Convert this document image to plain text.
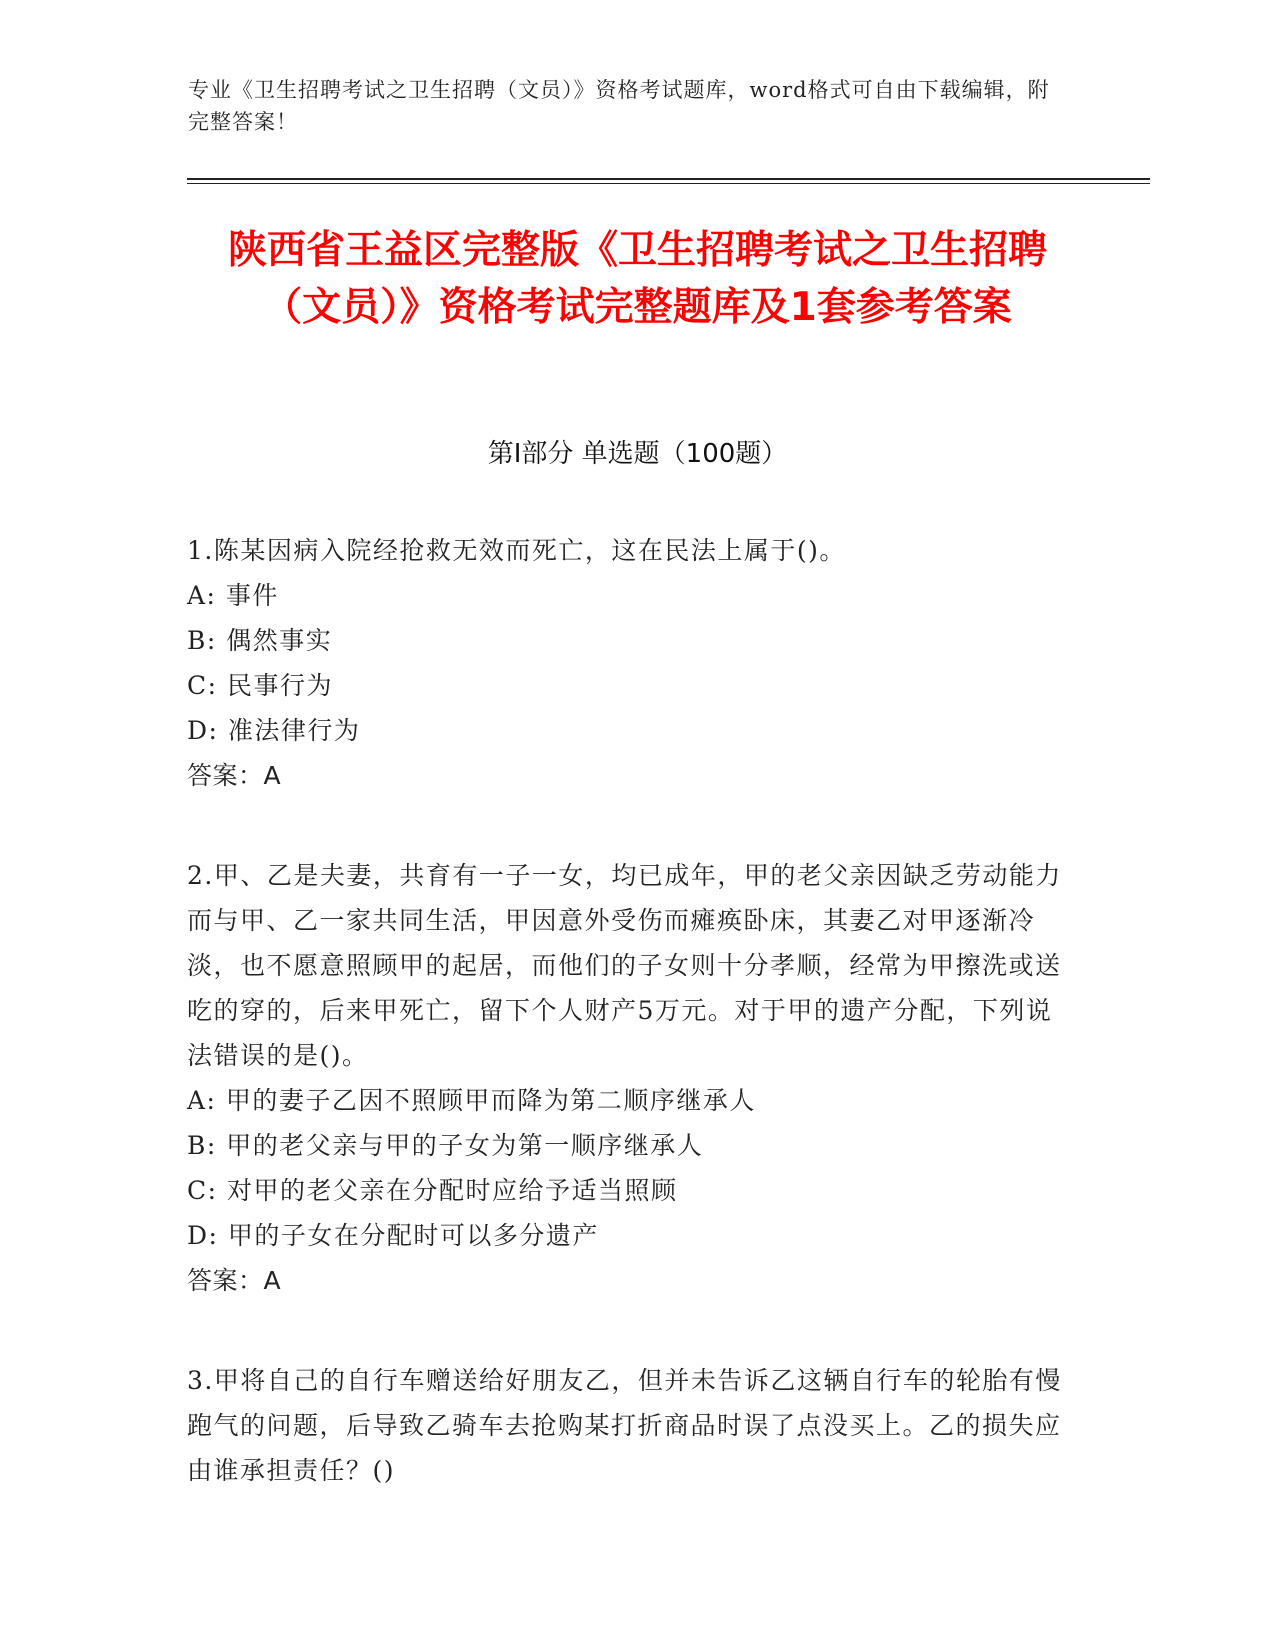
专业《卫生招聘考试之卫生招聘（文员）》资格考试题库，word格式可自由下载编辑，附完整答案！
陕西省王益区完整版《卫生招聘考试之卫生招聘（文员）》资格考试完整题库及1套参考答案
第Ⅰ部分 单选题（100题）
1.陈某因病入院经抢救无效而死亡，这在民法上属于()。
A: 事件
B: 偶然事实
C: 民事行为
D: 准法律行为
答案：A
2.甲、乙是夫妻，共育有一子一女，均已成年，甲的老父亲因缺乏劳动能力而与甲、乙一家共同生活，甲因意外受伤而瘫痪卧床，其妻乙对甲逐渐冷淡，也不愿意照顾甲的起居，而他们的子女则十分孝顺，经常为甲擦洗或送吃的穿的，后来甲死亡，留下个人财产5万元。对于甲的遗产分配，下列说法错误的是()。
A: 甲的妻子乙因不照顾甲而降为第二顺序继承人
B: 甲的老父亲与甲的子女为第一顺序继承人
C: 对甲的老父亲在分配时应给予适当照顾
D: 甲的子女在分配时可以多分遗产
答案：A
3.甲将自己的自行车赠送给好朋友乙，但并未告诉乙这辆自行车的轮胎有慢跑气的问题，后导致乙骑车去抢购某打折商品时误了点没买上。乙的损失应由谁承担责任？()
